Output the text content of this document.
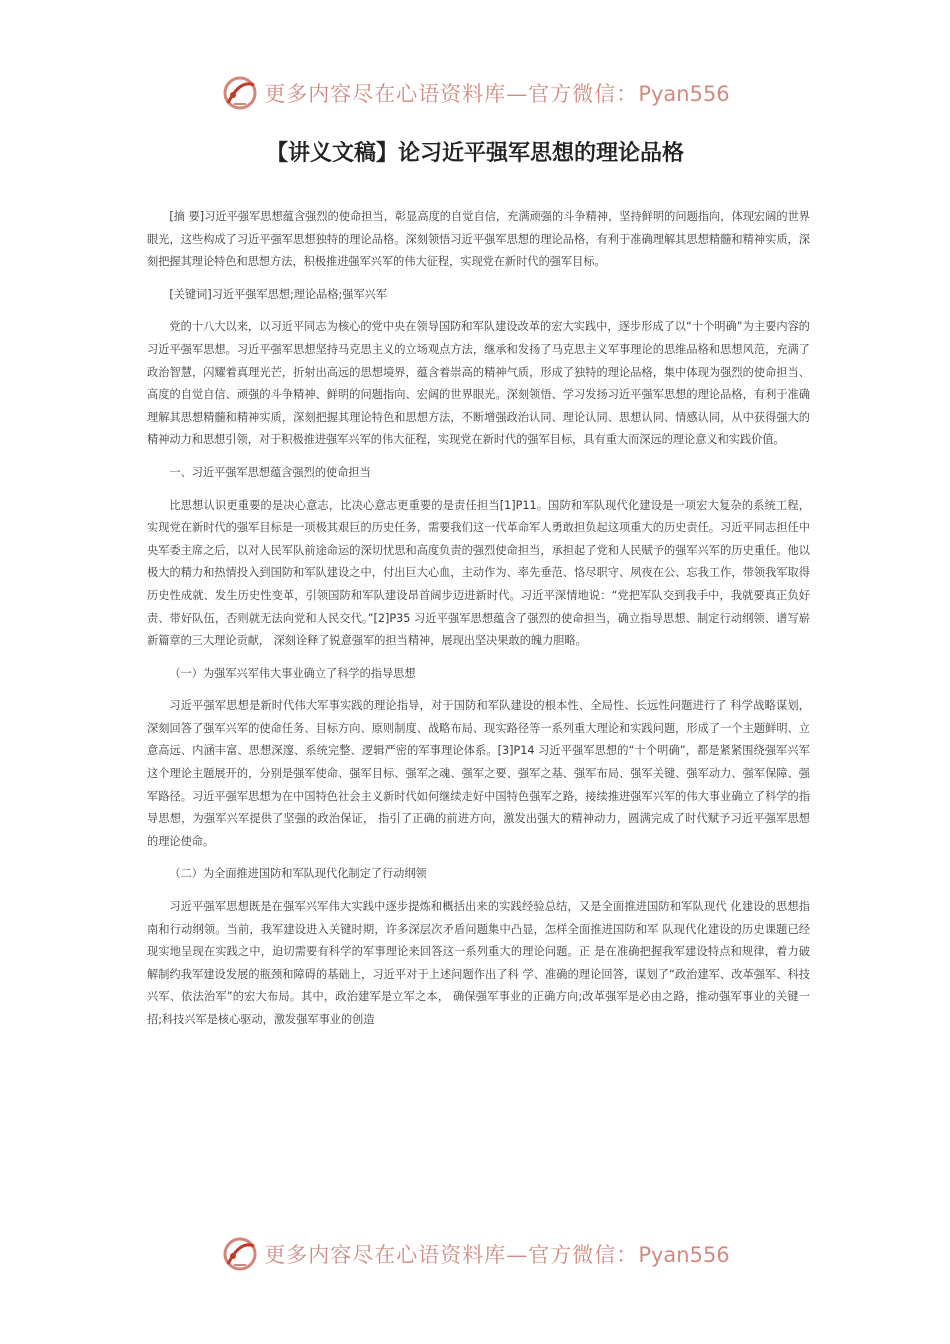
更多内容尽在心语资料库—官方微信：Pyan556
【讲义文稿】论习近平强军思想的理论品格

[摘 要]习近平强军思想蕴含强烈的使命担当，彰显高度的自觉自信，充满顽强的斗争精神，坚持鲜明的问题指向，体现宏阔的世界眼光，这些构成了习近平强军思想独特的理论品格。深刻领悟习近平强军思想的理论品格，有利于准确理解其思想精髓和精神实质，深刻把握其理论特色和思想方法，积极推进强军兴军的伟大征程，实现党在新时代的强军目标。

[关键词]习近平强军思想;理论品格;强军兴军

党的十八大以来，以习近平同志为核心的党中央在领导国防和军队建设改革的宏大实践中，逐步形成了以“十个明确”为主要内容的习近平强军思想。习近平强军思想坚持马克思主义的立场观点方法，继承和发扬了马克思主义军事理论的思维品格和思想风范，充满了政治智慧，闪耀着真理光芒，折射出高远的思想境界，蕴含着崇高的精神气质，形成了独特的理论品格，集中体现为强烈的使命担当、高度的自觉自信、顽强的斗争精神、鲜明的问题指向、宏阔的世界眼光。深刻领悟、学习发扬习近平强军思想的理论品格，有利于准确理解其思想精髓和精神实质，深刻把握其理论特色和思想方法，不断增强政治认同、理论认同、思想认同、情感认同，从中获得强大的精神动力和思想引领，对于积极推进强军兴军的伟大征程，实现党在新时代的强军目标，具有重大而深远的理论意义和实践价值。

一、习近平强军思想蕴含强烈的使命担当

比思想认识更重要的是决心意志，比决心意志更重要的是责任担当[1]P11。国防和军队现代化建设是一项宏大复杂的系统工程，实现党在新时代的强军目标是一项极其艰巨的历史任务，需要我们这一代革命军人勇敢担负起这项重大的历史责任。习近平同志担任中央军委主席之后，以对人民军队前途命运的深切忧思和高度负责的强烈使命担当，承担起了党和人民赋予的强军兴军的历史重任。他以极大的精力和热情投入到国防和军队建设之中，付出巨大心血，主动作为、率先垂范、恪尽职守、夙夜在公、忘我工作，带领我军取得历史性成就、发生历史性变革，引领国防和军队建设昂首阔步迈进新时代。习近平深情地说：“党把军队交到我手中，我就要真正负好责、带好队伍，否则就无法向党和人民交代。”[2]P35 习近平强军思想蕴含了强烈的使命担当，确立指导思想、制定行动纲领、谱写崭新篇章的三大理论贡献， 深刻诠释了锐意强军的担当精神，展现出坚决果敢的魄力胆略。

（一）为强军兴军伟大事业确立了科学的指导思想

习近平强军思想是新时代伟大军事实践的理论指导，对于国防和军队建设的根本性、全局性、长远性问题进行了 科学战略谋划，深刻回答了强军兴军的使命任务、目标方向、原则制度、战略布局、现实路径等一系列重大理论和实践问题，形成了一个主题鲜明、立意高远、内涵丰富、思想深邃、系统完整、逻辑严密的军事理论体系。[3]P14 习近平强军思想的“十个明确”，都是紧紧围绕强军兴军这个理论主题展开的，分别是强军使命、强军目标、强军之魂、强军之要、强军之基、强军布局、强军关键、强军动力、强军保障、强军路径。习近平强军思想为在中国特色社会主义新时代如何继续走好中国特色强军之路，接续推进强军兴军的伟大事业确立了科学的指导思想，为强军兴军提供了坚强的政治保证， 指引了正确的前进方向，激发出强大的精神动力，圆满完成了时代赋予习近平强军思想的理论使命。

（二）为全面推进国防和军队现代化制定了行动纲领

习近平强军思想既是在强军兴军伟大实践中逐步提炼和概括出来的实践经验总结，又是全面推进国防和军队现代 化建设的思想指南和行动纲领。当前，我军建设进入关键时期，许多深层次矛盾问题集中凸显，怎样全面推进国防和军 队现代化建设的历史课题已经现实地呈现在实践之中，迫切需要有科学的军事理论来回答这一系列重大的理论问题。正 是在准确把握我军建设特点和规律，着力破解制约我军建设发展的瓶颈和障碍的基础上，习近平对于上述问题作出了科 学、准确的理论回答，谋划了“政治建军、改革强军、科技兴军、依法治军”的宏大布局。其中，政治建军是立军之本， 确保强军事业的正确方向;改革强军是必由之路，推动强军事业的关键一招;科技兴军是核心驱动，激发强军事业的创造

更多内容尽在心语资料库—官方微信：Pyan556
